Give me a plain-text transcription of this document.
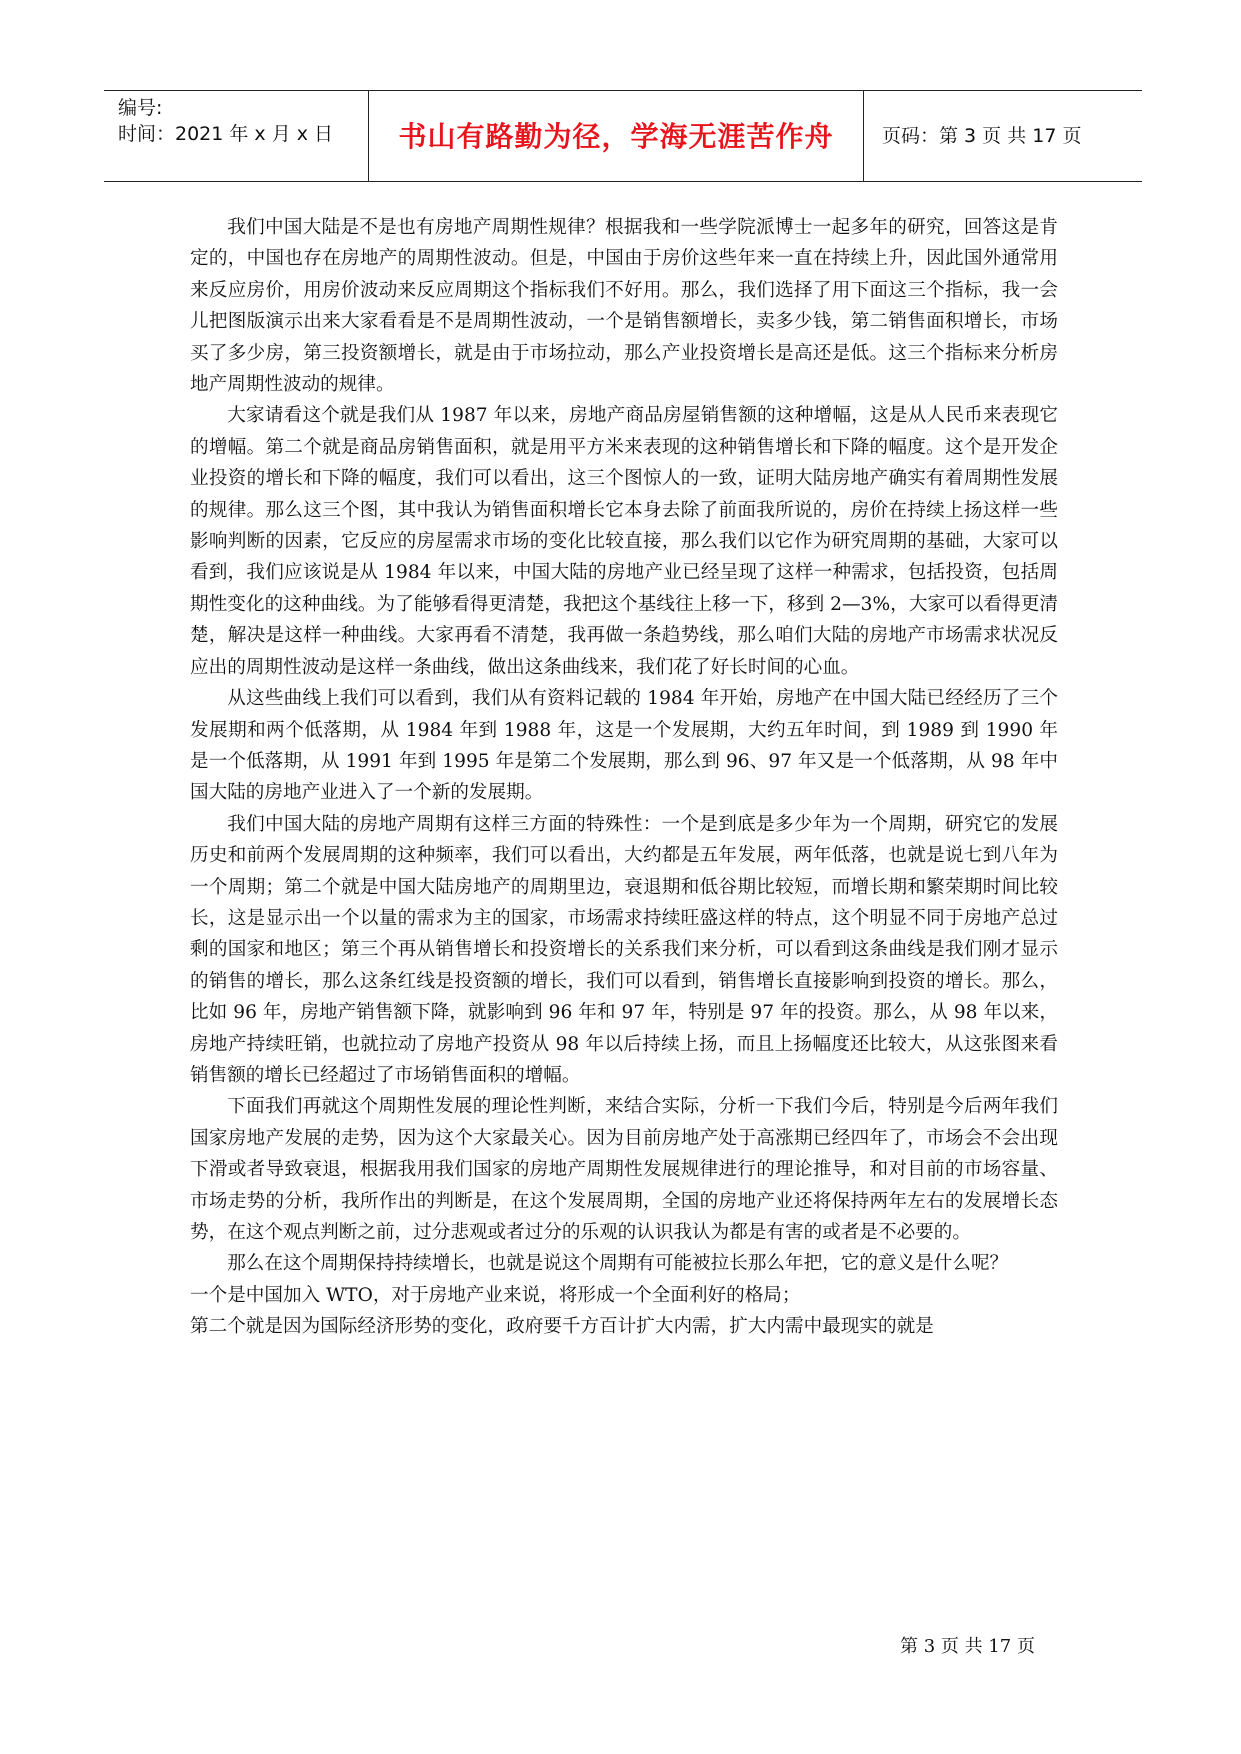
编号:
时间：2021 年 x 月 x 日	书山有路勤为径，学海无涯苦作舟	页码：第 3 页 共 17 页

我们中国大陆是不是也有房地产周期性规律？根据我和一些学院派博士一起多年的研究，回答这是肯定的，中国也存在房地产的周期性波动。但是，中国由于房价这些年来一直在持续上升，因此国外通常用来反应房价，用房价波动来反应周期这个指标我们不好用。那么，我们选择了用下面这三个指标，我一会儿把图版演示出来大家看看是不是周期性波动，一个是销售额增长，卖多少钱，第二销售面积增长，市场买了多少房，第三投资额增长，就是由于市场拉动，那么产业投资增长是高还是低。这三个指标来分析房地产周期性波动的规律。

大家请看这个就是我们从 1987 年以来，房地产商品房屋销售额的这种增幅，这是从人民币来表现它的增幅。第二个就是商品房销售面积，就是用平方米来表现的这种销售增长和下降的幅度。这个是开发企业投资的增长和下降的幅度，我们可以看出，这三个图惊人的一致，证明大陆房地产确实有着周期性发展的规律。那么这三个图，其中我认为销售面积增长它本身去除了前面我所说的，房价在持续上扬这样一些影响判断的因素，它反应的房屋需求市场的变化比较直接，那么我们以它作为研究周期的基础，大家可以看到，我们应该说是从 1984 年以来，中国大陆的房地产业已经呈现了这样一种需求，包括投资，包括周期性变化的这种曲线。为了能够看得更清楚，我把这个基线往上移一下，移到 2—3%，大家可以看得更清楚，解决是这样一种曲线。大家再看不清楚，我再做一条趋势线，那么咱们大陆的房地产市场需求状况反应出的周期性波动是这样一条曲线，做出这条曲线来，我们花了好长时间的心血。

从这些曲线上我们可以看到，我们从有资料记载的 1984 年开始，房地产在中国大陆已经经历了三个发展期和两个低落期，从 1984 年到 1988 年，这是一个发展期，大约五年时间，到 1989 到 1990 年是一个低落期，从 1991 年到 1995 年是第二个发展期，那么到 96、97 年又是一个低落期，从 98 年中国大陆的房地产业进入了一个新的发展期。

我们中国大陆的房地产周期有这样三方面的特殊性：一个是到底是多少年为一个周期，研究它的发展历史和前两个发展周期的这种频率，我们可以看出，大约都是五年发展，两年低落，也就是说七到八年为一个周期；第二个就是中国大陆房地产的周期里边，衰退期和低谷期比较短，而增长期和繁荣期时间比较长，这是显示出一个以量的需求为主的国家，市场需求持续旺盛这样的特点，这个明显不同于房地产总过剩的国家和地区；第三个再从销售增长和投资增长的关系我们来分析，可以看到这条曲线是我们刚才显示的销售的增长，那么这条红线是投资额的增长，我们可以看到，销售增长直接影响到投资的增长。那么，比如 96 年，房地产销售额下降，就影响到 96 年和 97 年，特别是 97 年的投资。那么，从 98 年以来，房地产持续旺销，也就拉动了房地产投资从 98 年以后持续上扬，而且上扬幅度还比较大，从这张图来看销售额的增长已经超过了市场销售面积的增幅。

下面我们再就这个周期性发展的理论性判断，来结合实际，分析一下我们今后，特别是今后两年我们国家房地产发展的走势，因为这个大家最关心。因为目前房地产处于高涨期已经四年了，市场会不会出现下滑或者导致衰退，根据我用我们国家的房地产周期性发展规律进行的理论推导，和对目前的市场容量、市场走势的分析，我所作出的判断是，在这个发展周期，全国的房地产业还将保持两年左右的发展增长态势，在这个观点判断之前，过分悲观或者过分的乐观的认识我认为都是有害的或者是不必要的。

那么在这个周期保持持续增长，也就是说这个周期有可能被拉长那么年把，它的意义是什么呢？

一个是中国加入 WTO，对于房地产业来说，将形成一个全面利好的格局；

第二个就是因为国际经济形势的变化，政府要千方百计扩大内需，扩大内需中最现实的就是

第 3 页 共 17 页
